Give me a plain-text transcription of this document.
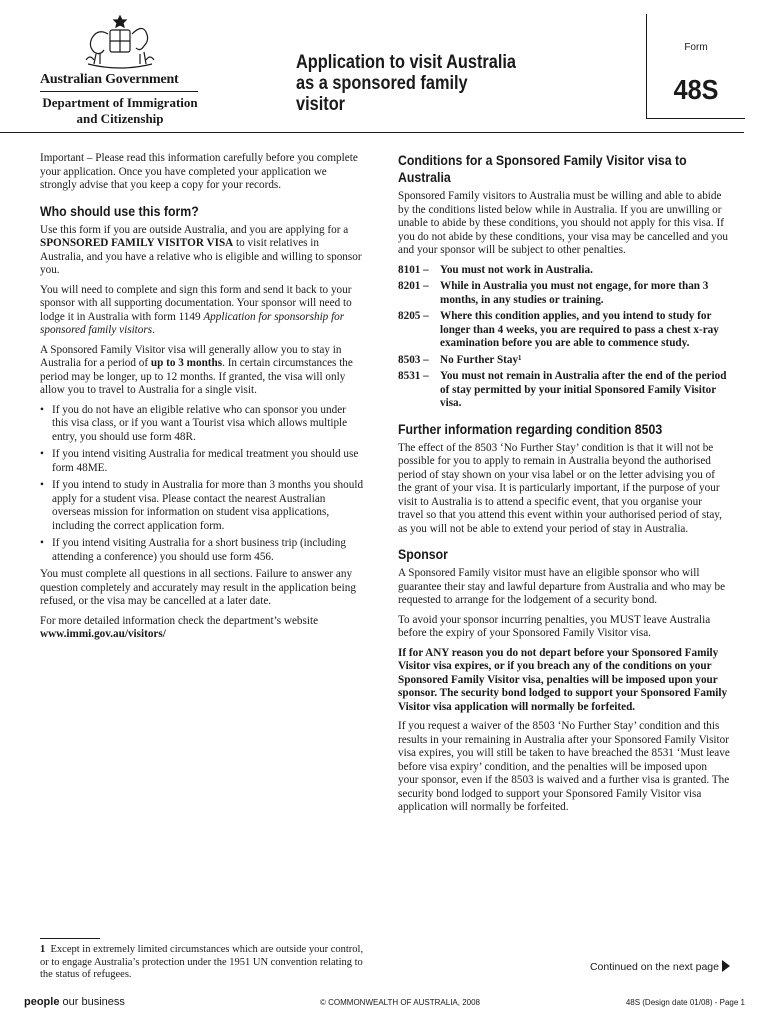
Australian Government
Department of Immigration
and Citizenship
Application to visit Australia
as a sponsored family visitor
Form
48S

Important – Please read this information carefully before you complete your application. Once you have completed your application we strongly advise that you keep a copy for your records.

Who should use this form?

Use this form if you are outside Australia, and you are applying for a SPONSORED FAMILY VISITOR VISA to visit relatives in Australia, and you have a relative who is eligible and willing to sponsor you.

You will need to complete and sign this form and send it back to your sponsor with all supporting documentation. Your sponsor will need to lodge it in Australia with form 1149 Application for sponsorship for sponsored family visitors.

A Sponsored Family Visitor visa will generally allow you to stay in Australia for a period of up to 3 months. In certain circumstances the period may be longer, up to 12 months. If granted, the visa will only allow you to travel to Australia for a single visit.

• If you do not have an eligible relative who can sponsor you under this visa class, or if you want a Tourist visa which allows multiple entry, you should use form 48R.
• If you intend visiting Australia for medical treatment you should use form 48ME.
• If you intend to study in Australia for more than 3 months you should apply for a student visa. Please contact the nearest Australian overseas mission for information on student visa applications, including the correct application form.
• If you intend visiting Australia for a short business trip (including attending a conference) you should use form 456.

You must complete all questions in all sections. Failure to answer any question completely and accurately may result in the application being refused, or the visa may be cancelled at a later date.

For more detailed information check the department’s website

www.immi.gov.au/visitors/

Conditions for a Sponsored Family Visitor visa to Australia

Sponsored Family visitors to Australia must be willing and able to abide by the conditions listed below while in Australia. If you are unwilling or unable to abide by these conditions, you should not apply for this visa. If you do not abide by these conditions, your visa may be cancelled and you and your sponsor will be subject to other penalties.

8101 – You must not work in Australia.
8201 – While in Australia you must not engage, for more than 3 months, in any studies or training.
8205 – Where this condition applies, and you intend to study for longer than 4 weeks, you are required to pass a chest x-ray examination before you are able to commence study.
8503 – No Further Stay¹
8531 – You must not remain in Australia after the end of the period of stay permitted by your initial Sponsored Family Visitor visa.
Further information regarding condition 8503

The effect of the 8503 ‘No Further Stay’ condition is that it will not be possible for you to apply to remain in Australia beyond the authorised period of stay shown on your visa label or on the letter advising you of the grant of your visa. It is particularly important, if the purpose of your visit to Australia is to attend a specific event, that you organise your travel so that you attend this event within your authorised period of stay, as you will not be able to extend your period of stay in Australia.

Sponsor

A Sponsored Family visitor must have an eligible sponsor who will guarantee their stay and lawful departure from Australia and who may be requested to arrange for the lodgement of a security bond.

To avoid your sponsor incurring penalties, you MUST leave Australia before the expiry of your Sponsored Family Visitor visa.

If for ANY reason you do not depart before your Sponsored Family Visitor visa expires, or if you breach any of the conditions on your Sponsored Family Visitor visa, penalties will be imposed upon your sponsor. The security bond lodged to support your Sponsored Family Visitor visa application will normally be forfeited.

If you request a waiver of the 8503 ‘No Further Stay’ condition and this results in your remaining in Australia after your Sponsored Family Visitor visa expires, you will still be taken to have breached the 8531 ‘Must leave before visa expiry’ condition, and the penalties will be imposed upon your sponsor, even if the 8503 is waived and a further visa is granted. The security bond lodged to support your Sponsored Family Visitor visa application will normally be forfeited.

1 Except in extremely limited circumstances which are outside your control, or to engage Australia’s protection under the 1951 UN convention relating to the status of refugees.
Continued on the next page
people our business	© COMMONWEALTH OF AUSTRALIA, 2008	48S (Design date 01/08) - Page 1
